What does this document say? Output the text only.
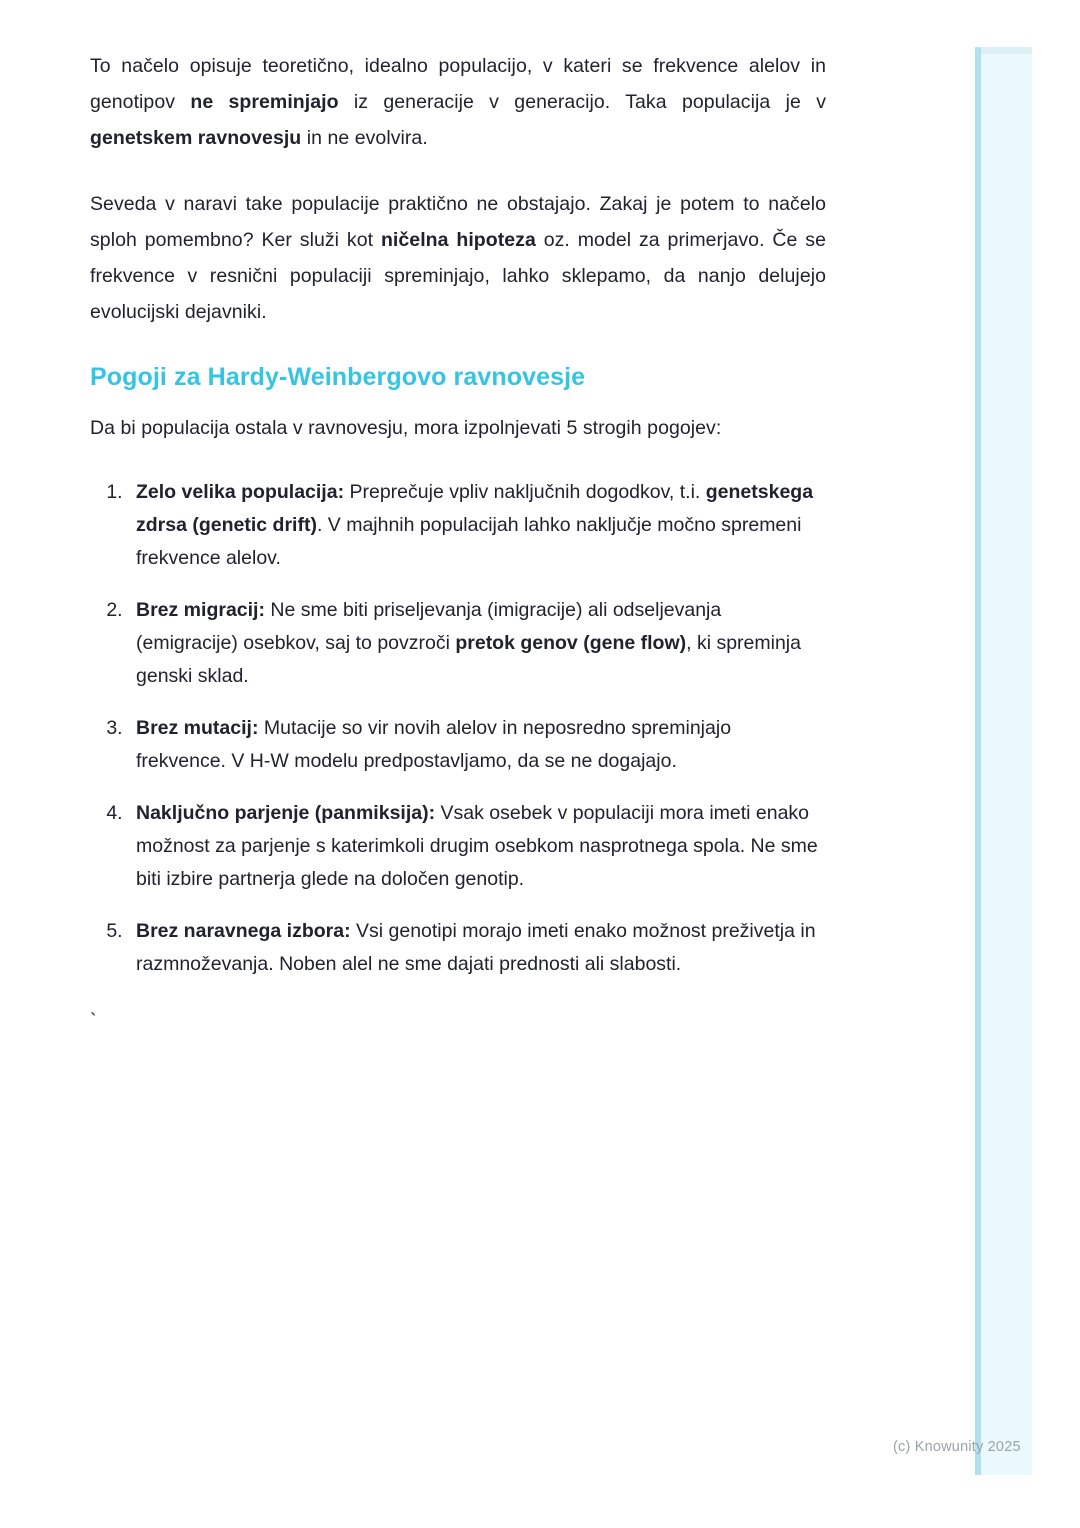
To načelo opisuje teoretično, idealno populacijo, v kateri se frekvence alelov in genotipov ne spreminjajo iz generacije v generacijo. Taka populacija je v genetskem ravnovesju in ne evolvira.

Seveda v naravi take populacije praktično ne obstajajo. Zakaj je potem to načelo sploh pomembno? Ker služi kot ničelna hipoteza oz. model za primerjavo. Če se frekvence v resnični populaciji spreminjajo, lahko sklepamo, da nanjo delujejo evolucijski dejavniki.

Pogoji za Hardy-Weinbergovo ravnovesje

Da bi populacija ostala v ravnovesju, mora izpolnjevati 5 strogih pogojev:

1. Zelo velika populacija: Preprečuje vpliv naključnih dogodkov, t.i. genetskega zdrsa (genetic drift). V majhnih populacijah lahko naključje močno spremeni frekvence alelov.
2. Brez migracij: Ne sme biti priseljevanja (imigracije) ali odseljevanja (emigracije) osebkov, saj to povzroči pretok genov (gene flow), ki spreminja genski sklad.
3. Brez mutacij: Mutacije so vir novih alelov in neposredno spreminjajo frekvence. V H-W modelu predpostavljamo, da se ne dogajajo.
4. Naključno parjenje (panmiksija): Vsak osebek v populaciji mora imeti enako možnost za parjenje s katerimkoli drugim osebkom nasprotnega spola. Ne sme biti izbire partnerja glede na določen genotip.
5. Brez naravnega izbora: Vsi genotipi morajo imeti enako možnost preživetja in razmnoževanja. Noben alel ne sme dajati prednosti ali slabosti.
`
(c) Knowunity 2025
